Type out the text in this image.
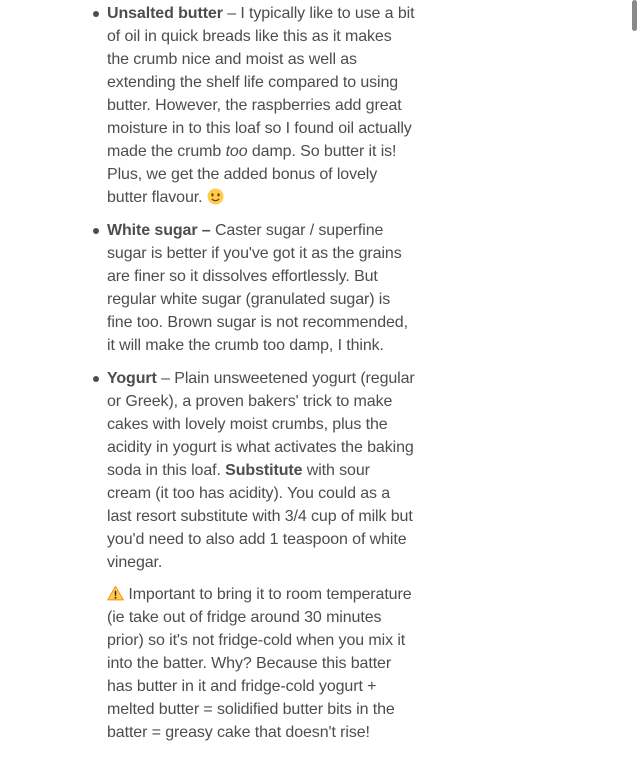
Unsalted butter – I typically like to use a bit of oil in quick breads like this as it makes the crumb nice and moist as well as extending the shelf life compared to using butter. However, the raspberries add great moisture in to this loaf so I found oil actually made the crumb too damp. So butter it is! Plus, we get the added bonus of lovely butter flavour.

White sugar – Caster sugar / superfine sugar is better if you've got it as the grains are finer so it dissolves effortlessly. But regular white sugar (granulated sugar) is fine too. Brown sugar is not recommended, it will make the crumb too damp, I think.

Yogurt – Plain unsweetened yogurt (regular or Greek), a proven bakers' trick to make cakes with lovely moist crumbs, plus the acidity in yogurt is what activates the baking soda in this loaf. Substitute with sour cream (it too has acidity). You could as a last resort substitute with 3/4 cup of milk but you'd need to also add 1 teaspoon of white vinegar.

Important to bring it to room temperature (ie take out of fridge around 30 minutes prior) so it's not fridge-cold when you mix it into the batter. Why? Because this batter has butter in it and fridge-cold yogurt + melted butter = solidified butter bits in the batter = greasy cake that doesn't rise!
